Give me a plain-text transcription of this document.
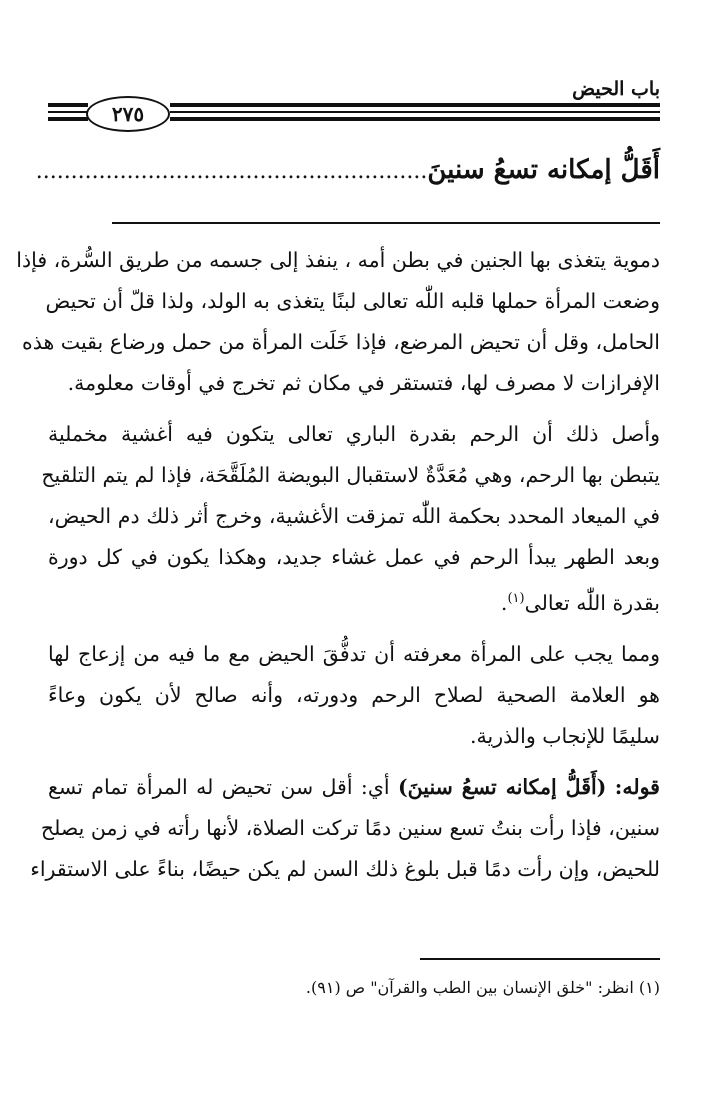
باب الحيض
٢٧٥
أَقَلُّ إمكانه تسعُ سنينَ........................................................
دموية يتغذى بها الجنين في بطن أمه ، ينفذ إلى جسمه من طريق السُّرة، فإذا
وضعت المرأة حملها قلبه اللّٰه تعالى لبنًا يتغذى به الولد، ولذا قلّ أن تحيض
الحامل، وقل أن تحيض المرضع، فإذا خَلَت المرأة من حمل ورضاع بقيت هذه
الإفرازات لا مصرف لها، فتستقر في مكان ثم تخرج في أوقات معلومة.
وأصل ذلك أن الرحم بقدرة الباري تعالى يتكون فيه أغشية مخملية
يتبطن بها الرحم، وهي مُعَدَّةٌ لاستقبال البويضة المُلَقَّحَة، فإذا لم يتم التلقيح
في الميعاد المحدد بحكمة اللّٰه تمزقت الأغشية، وخرج أثر ذلك دم الحيض،
وبعد الطهر يبدأ الرحم في عمل غشاء جديد، وهكذا يكون في كل دورة
بقدرة اللّٰه تعالى$^{(١)}$.
ومما يجب على المرأة معرفته أن تدفُّقَ الحيض مع ما فيه من إزعاج لها
هو العلامة الصحية لصلاح الرحم ودورته، وأنه صالح لأن يكون وعاءً
سليمًا للإنجاب والذرية.
قوله: (أَقَلُّ إمكانه تسعُ سنينَ) أي: أقل سن تحيض له المرأة تمام تسع
سنين، فإذا رأت بنتُ تسع سنين دمًا تركت الصلاة، لأنها رأته في زمن يصلح
للحيض، وإن رأت دمًا قبل بلوغ ذلك السن لم يكن حيضًا، بناءً على الاستقراء
(١) انظر: "خلق الإنسان بين الطب والقرآن" ص (٩١).
